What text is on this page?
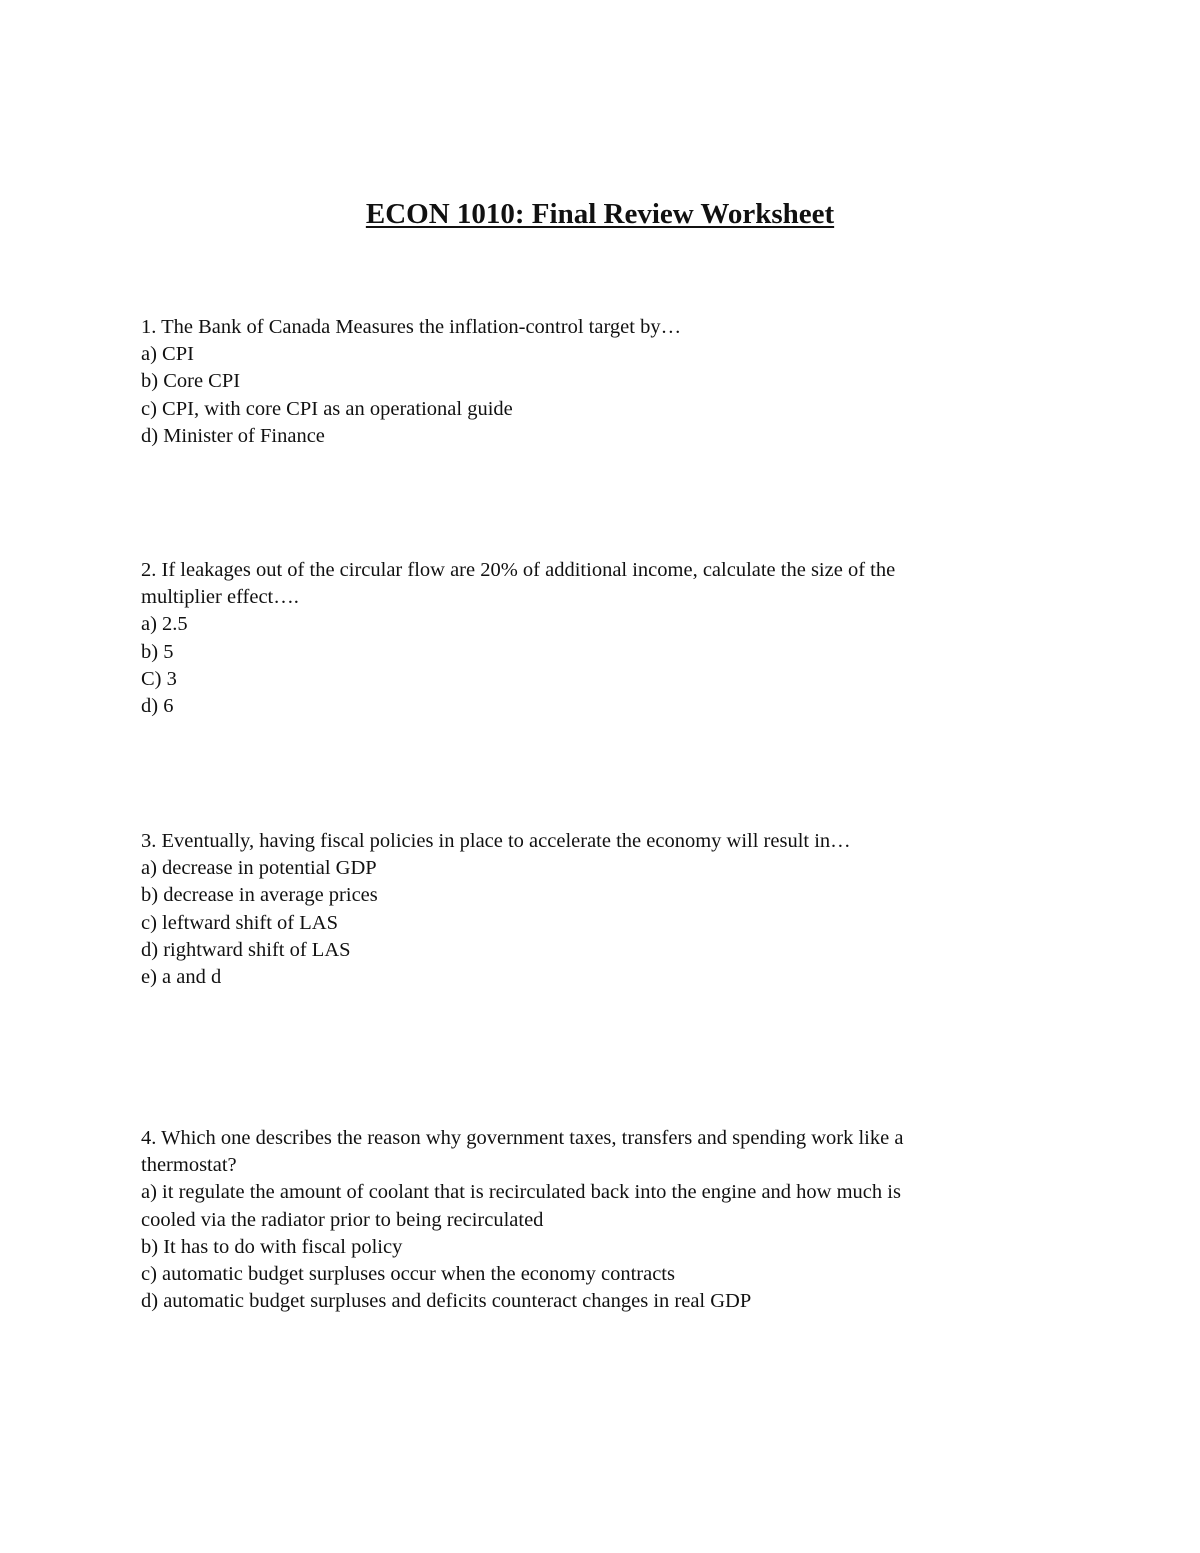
ECON 1010: Final Review Worksheet
1. The Bank of Canada Measures the inflation-control target by…
a) CPI
b) Core CPI
c) CPI, with core CPI as an operational guide
d) Minister of Finance
2. If leakages out of the circular flow are 20% of additional income, calculate the size of the
multiplier effect….
a) 2.5
b) 5
C) 3
d) 6
3. Eventually, having fiscal policies in place to accelerate the economy will result in…
a) decrease in potential GDP
b) decrease in average prices
c) leftward shift of LAS
d) rightward shift of LAS
e) a and d
4. Which one describes the reason why government taxes, transfers and spending work like a
thermostat?
a) it regulate the amount of coolant that is recirculated back into the engine and how much is
cooled via the radiator prior to being recirculated
b) It has to do with fiscal policy
c) automatic budget surpluses occur when the economy contracts
d) automatic budget surpluses and deficits counteract changes in real GDP
